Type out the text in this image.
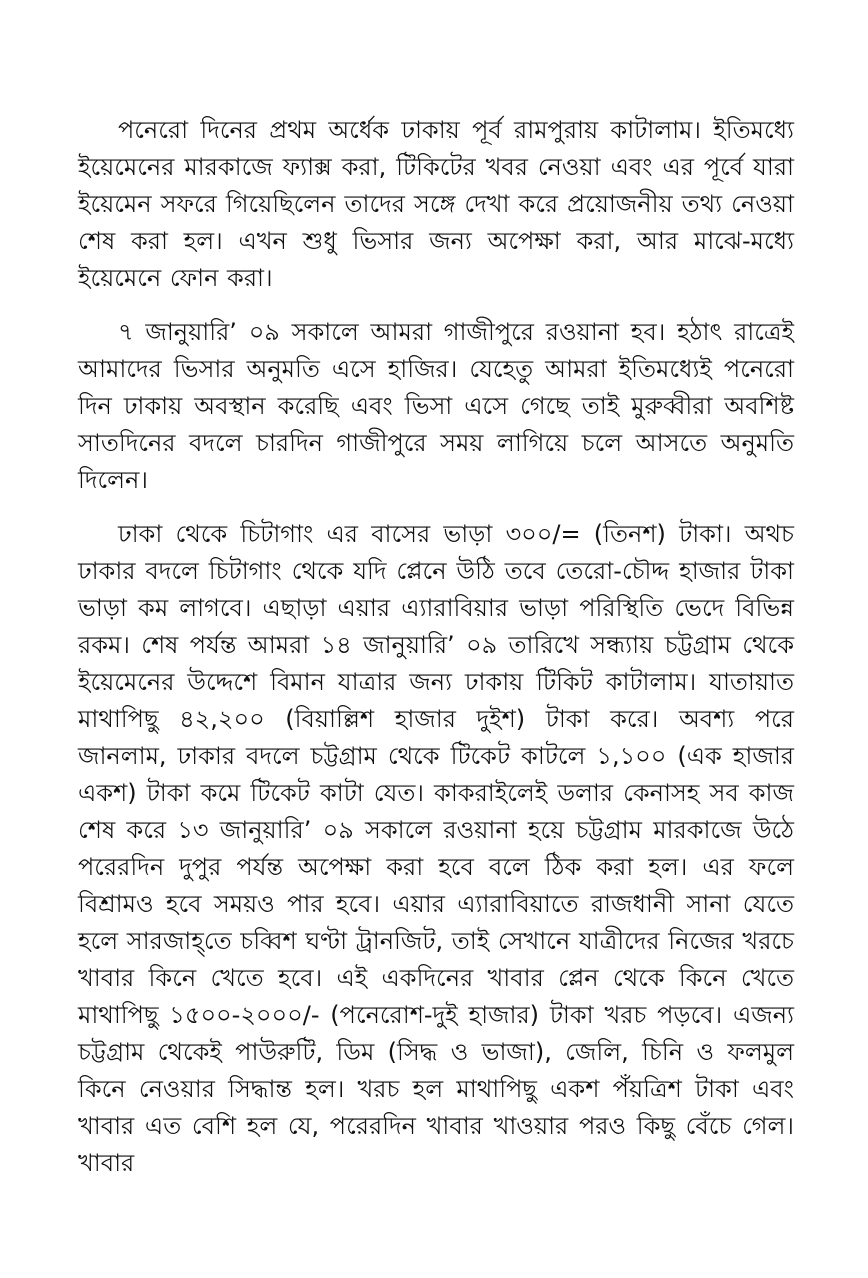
পনেরো দিনের প্রথম অর্ধেক ঢাকায় পূর্ব রামপুরায় কাটালাম। ইতিমধ্যে ইয়েমেনের মারকাজে ফ্যাক্স করা, টিকিটের খবর নেওয়া এবং এর পূর্বে যারা ইয়েমেন সফরে গিয়েছিলেন তাদের সঙ্গে দেখা করে প্রয়োজনীয় তথ্য নেওয়া শেষ করা হল। এখন শুধু ভিসার জন্য অপেক্ষা করা, আর মাঝে-মধ্যে ইয়েমেনে ফোন করা।

৭ জানুয়ারি’ ০৯ সকালে আমরা গাজীপুরে রওয়ানা হব। হঠাৎ রাত্রেই আমাদের ভিসার অনুমতি এসে হাজির। যেহেতু আমরা ইতিমধ্যেই পনেরো দিন ঢাকায় অবস্থান করেছি এবং ভিসা এসে গেছে তাই মুরুব্বীরা অবশিষ্ট সাতদিনের বদলে চারদিন গাজীপুরে সময় লাগিয়ে চলে আসতে অনুমতি দিলেন।

ঢাকা থেকে চিটাগাং এর বাসের ভাড়া ৩০০/= (তিনশ) টাকা। অথচ ঢাকার বদলে চিটাগাং থেকে যদি প্লেনে উঠি তবে তেরো-চৌদ্দ হাজার টাকা ভাড়া কম লাগবে। এছাড়া এয়ার এ্যারাবিয়ার ভাড়া পরিস্থিতি ভেদে বিভিন্ন রকম। শেষ পর্যন্ত আমরা ১৪ জানুয়ারি’ ০৯ তারিখে সন্ধ্যায় চট্টগ্রাম থেকে ইয়েমেনের উদ্দেশে বিমান যাত্রার জন্য ঢাকায় টিকিট কাটালাম। যাতায়াত মাথাপিছু ৪২,২০০ (বিয়াল্লিশ হাজার দুইশ) টাকা করে। অবশ্য পরে জানলাম, ঢাকার বদলে চট্টগ্রাম থেকে টিকেট কাটলে ১,১০০ (এক হাজার একশ) টাকা কমে টিকেট কাটা যেত। কাকরাইলেই ডলার কেনাসহ সব কাজ শেষ করে ১৩ জানুয়ারি’ ০৯ সকালে রওয়ানা হয়ে চট্টগ্রাম মারকাজে উঠে পরেরদিন দুপুর পর্যন্ত অপেক্ষা করা হবে বলে ঠিক করা হল। এর ফলে বিশ্রামও হবে সময়ও পার হবে। এয়ার এ্যারাবিয়াতে রাজধানী সানা যেতে হলে সারজাহ্‌তে চব্বিশ ঘণ্টা ট্রানজিট, তাই সেখানে যাত্রীদের নিজের খরচে খাবার কিনে খেতে হবে। এই একদিনের খাবার প্লেন থেকে কিনে খেতে মাথাপিছু ১৫০০-২০০০/- (পনেরোশ-দুই হাজার) টাকা খরচ পড়বে। এজন্য চট্টগ্রাম থেকেই পাউরুটি, ডিম (সিদ্ধ ও ভাজা), জেলি, চিনি ও ফলমুল কিনে নেওয়ার সিদ্ধান্ত হল। খরচ হল মাথাপিছু একশ পঁয়ত্রিশ টাকা এবং খাবার এত বেশি হল যে, পরেরদিন খাবার খাওয়ার পরও কিছু বেঁচে গেল। খাবার
